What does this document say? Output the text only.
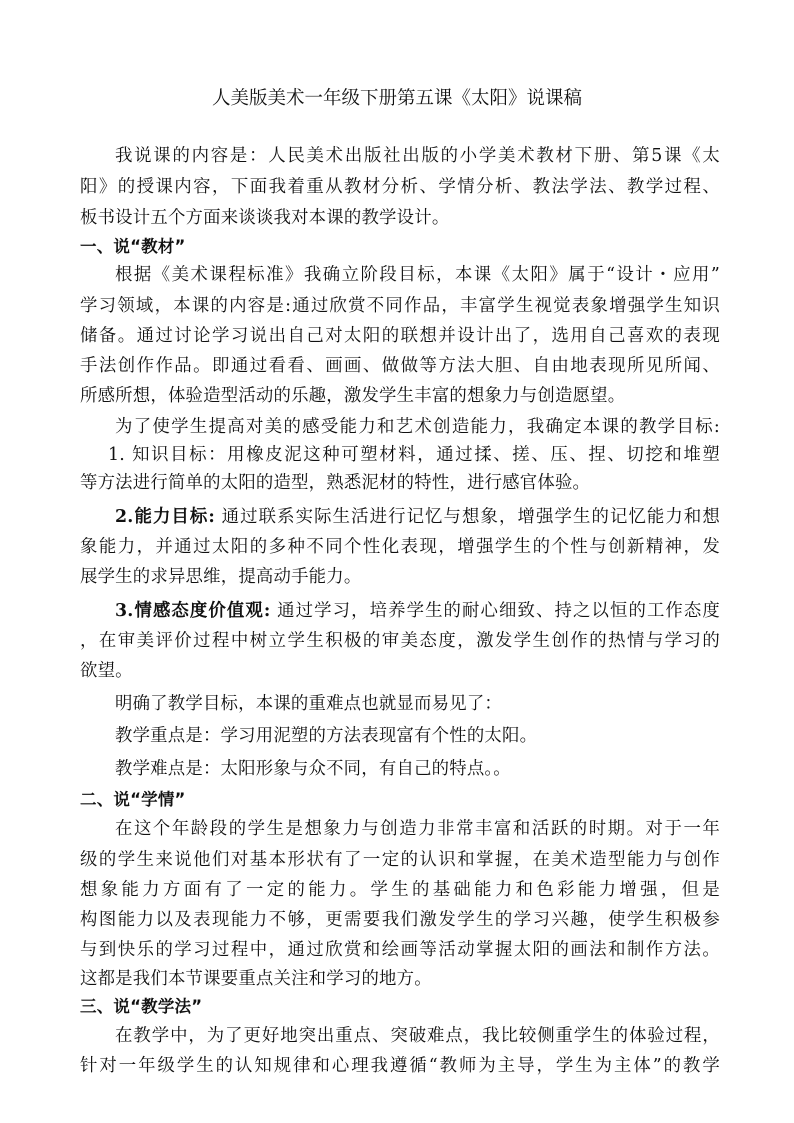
人美版美术一年级下册第五课《太阳》说课稿
我说课的内容是：人民美术出版社出版的小学美术教材下册、第5课《太
阳》的授课内容，下面我着重从教材分析、学情分析、教法学法、教学过程、
板书设计五个方面来谈谈我对本课的教学设计。
一、说“教材”
根据《美术课程标准》我确立阶段目标，本课《太阳》属于“设计・应用”
学习领域，本课的内容是:通过欣赏不同作品，丰富学生视觉表象增强学生知识
储备。通过讨论学习说出自己对太阳的联想并设计出了，选用自己喜欢的表现
手法创作作品。即通过看看、画画、做做等方法大胆、自由地表现所见所闻、
所感所想，体验造型活动的乐趣，激发学生丰富的想象力与创造愿望。
为了使学生提高对美的感受能力和艺术创造能力，我确定本课的教学目标:
1. 知识目标：用橡皮泥这种可塑材料，通过揉、搓、压、捏、切挖和堆塑
等方法进行简单的太阳的造型，熟悉泥材的特性，进行感官体验。
2.能力目标: 通过联系实际生活进行记忆与想象，增强学生的记忆能力和想
象能力，并通过太阳的多种不同个性化表现，增强学生的个性与创新精神，发
展学生的求异思维，提高动手能力。
3.情感态度价值观: 通过学习，培养学生的耐心细致、持之以恒的工作态度
，在审美评价过程中树立学生积极的审美态度，激发学生创作的热情与学习的
欲望。
明确了教学目标，本课的重难点也就显而易见了：
教学重点是：学习用泥塑的方法表现富有个性的太阳。
教学难点是：太阳形象与众不同，有自己的特点。。
二、说“学情”
在这个年龄段的学生是想象力与创造力非常丰富和活跃的时期。对于一年
级的学生来说他们对基本形状有了一定的认识和掌握，在美术造型能力与创作
想象能力方面有了一定的能力。学生的基础能力和色彩能力增强，但是
构图能力以及表现能力不够，更需要我们激发学生的学习兴趣，使学生积极参
与到快乐的学习过程中，通过欣赏和绘画等活动掌握太阳的画法和制作方法。
这都是我们本节课要重点关注和学习的地方。
三、说“教学法”
在教学中，为了更好地突出重点、突破难点，我比较侧重学生的体验过程，
针对一年级学生的认知规律和心理我遵循“教师为主导，学生为主体”的教学
